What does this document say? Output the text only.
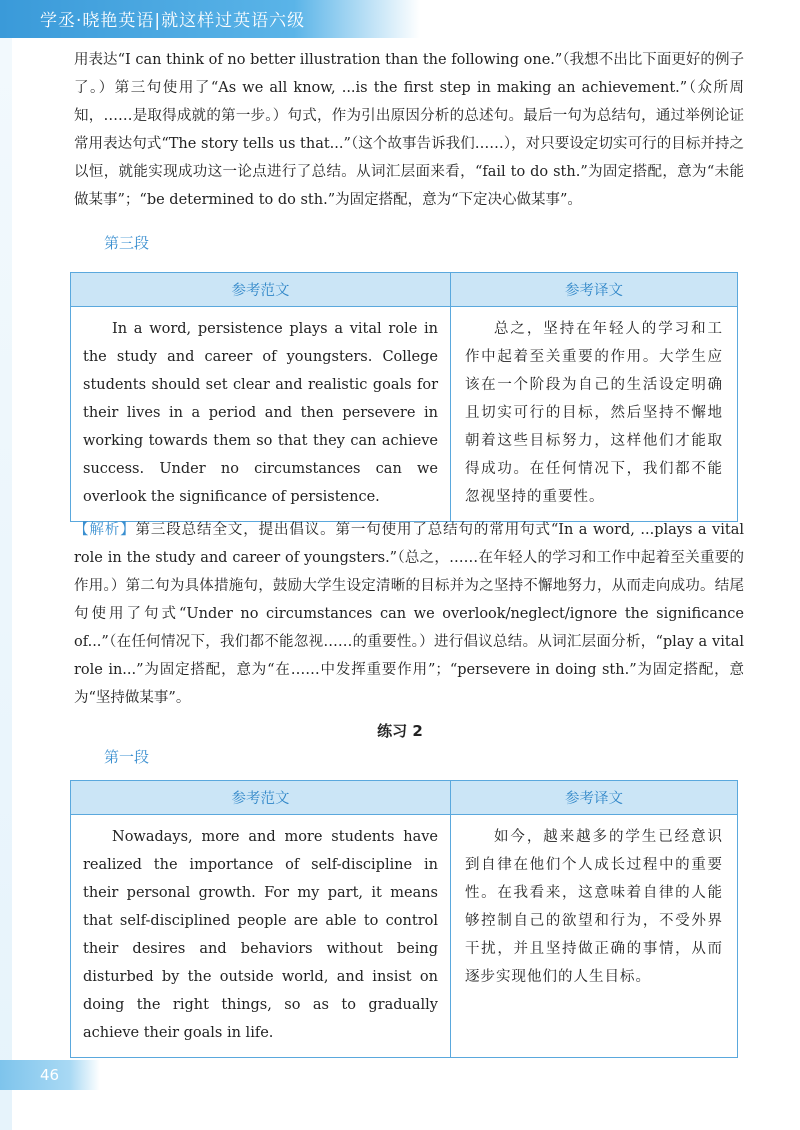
学丞·晓艳英语|就这样过英语六级
用表达“I can think of no better illustration than the following one.”（我想不出比下面更好的例子了。）第三句使用了“As we all know, ...is the first step in making an achievement.”（众所周知，……是取得成就的第一步。）句式，作为引出原因分析的总述句。最后一句为总结句，通过举例论证常用表达句式“The story tells us that...”（这个故事告诉我们……），对只要设定切实可行的目标并持之以恒，就能实现成功这一论点进行了总结。从词汇层面来看，“fail to do sth.”为固定搭配，意为“未能做某事”；“be determined to do sth.”为固定搭配，意为“下定决心做某事”。
第三段
参考范文	参考译文
In a word, persistence plays a vital role in the study and career of youngsters. College students should set clear and realistic goals for their lives in a period and then persevere in working towards them so that they can achieve success. Under no circumstances can we overlook the significance of persistence.
总之，坚持在年轻人的学习和工作中起着至关重要的作用。大学生应该在一个阶段为自己的生活设定明确且切实可行的目标，然后坚持不懈地朝着这些目标努力，这样他们才能取得成功。在任何情况下，我们都不能忽视坚持的重要性。
【解析】第三段总结全文，提出倡议。第一句使用了总结句的常用句式“In a word, ...plays a vital role in the study and career of youngsters.”（总之，……在年轻人的学习和工作中起着至关重要的作用。）第二句为具体措施句，鼓励大学生设定清晰的目标并为之坚持不懈地努力，从而走向成功。结尾句使用了句式“Under no circumstances can we overlook/neglect/ignore the significance of...”（在任何情况下，我们都不能忽视……的重要性。）进行倡议总结。从词汇层面分析，“play a vital role in...”为固定搭配，意为“在……中发挥重要作用”；“persevere in doing sth.”为固定搭配，意为“坚持做某事”。
练习 2
第一段
参考范文	参考译文
Nowadays, more and more students have realized the importance of self-discipline in their personal growth. For my part, it means that self-disciplined people are able to control their desires and behaviors without being disturbed by the outside world, and insist on doing the right things, so as to gradually achieve their goals in life.
如今，越来越多的学生已经意识到自律在他们个人成长过程中的重要性。在我看来，这意味着自律的人能够控制自己的欲望和行为，不受外界干扰，并且坚持做正确的事情，从而逐步实现他们的人生目标。
46
